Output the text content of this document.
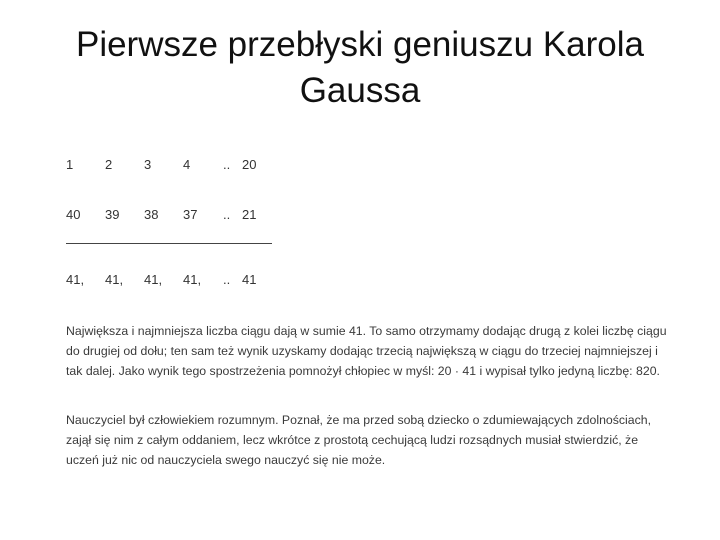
Pierwsze przebłyski geniuszu Karola
Gaussa
1 2 3 4	.. 20
40 39 38 37 .. 21
41, 41, 41, 41, .. 41
Największa i najmniejsza liczba ciągu dają w sumie 41. To samo otrzymamy dodając drugą z kolei liczbę ciągu do drugiej od dołu; ten sam też wynik uzyskamy dodając trzecią największą w ciągu do trzeciej najmniejszej i tak dalej. Jako wynik tego spostrzeżenia pomnożył chłopiec w myśl: 20 · 41 i wypisał tylko jedyną liczbę: 820.
Nauczyciel był człowiekiem rozumnym. Poznał, że ma przed sobą dziecko o zdumiewających zdolnościach, zajął się nim z całym oddaniem, lecz wkrótce z prostotą cechującą ludzi rozsądnych musiał stwierdzić, że uczeń już nic od nauczyciela swego nauczyć się nie może.
